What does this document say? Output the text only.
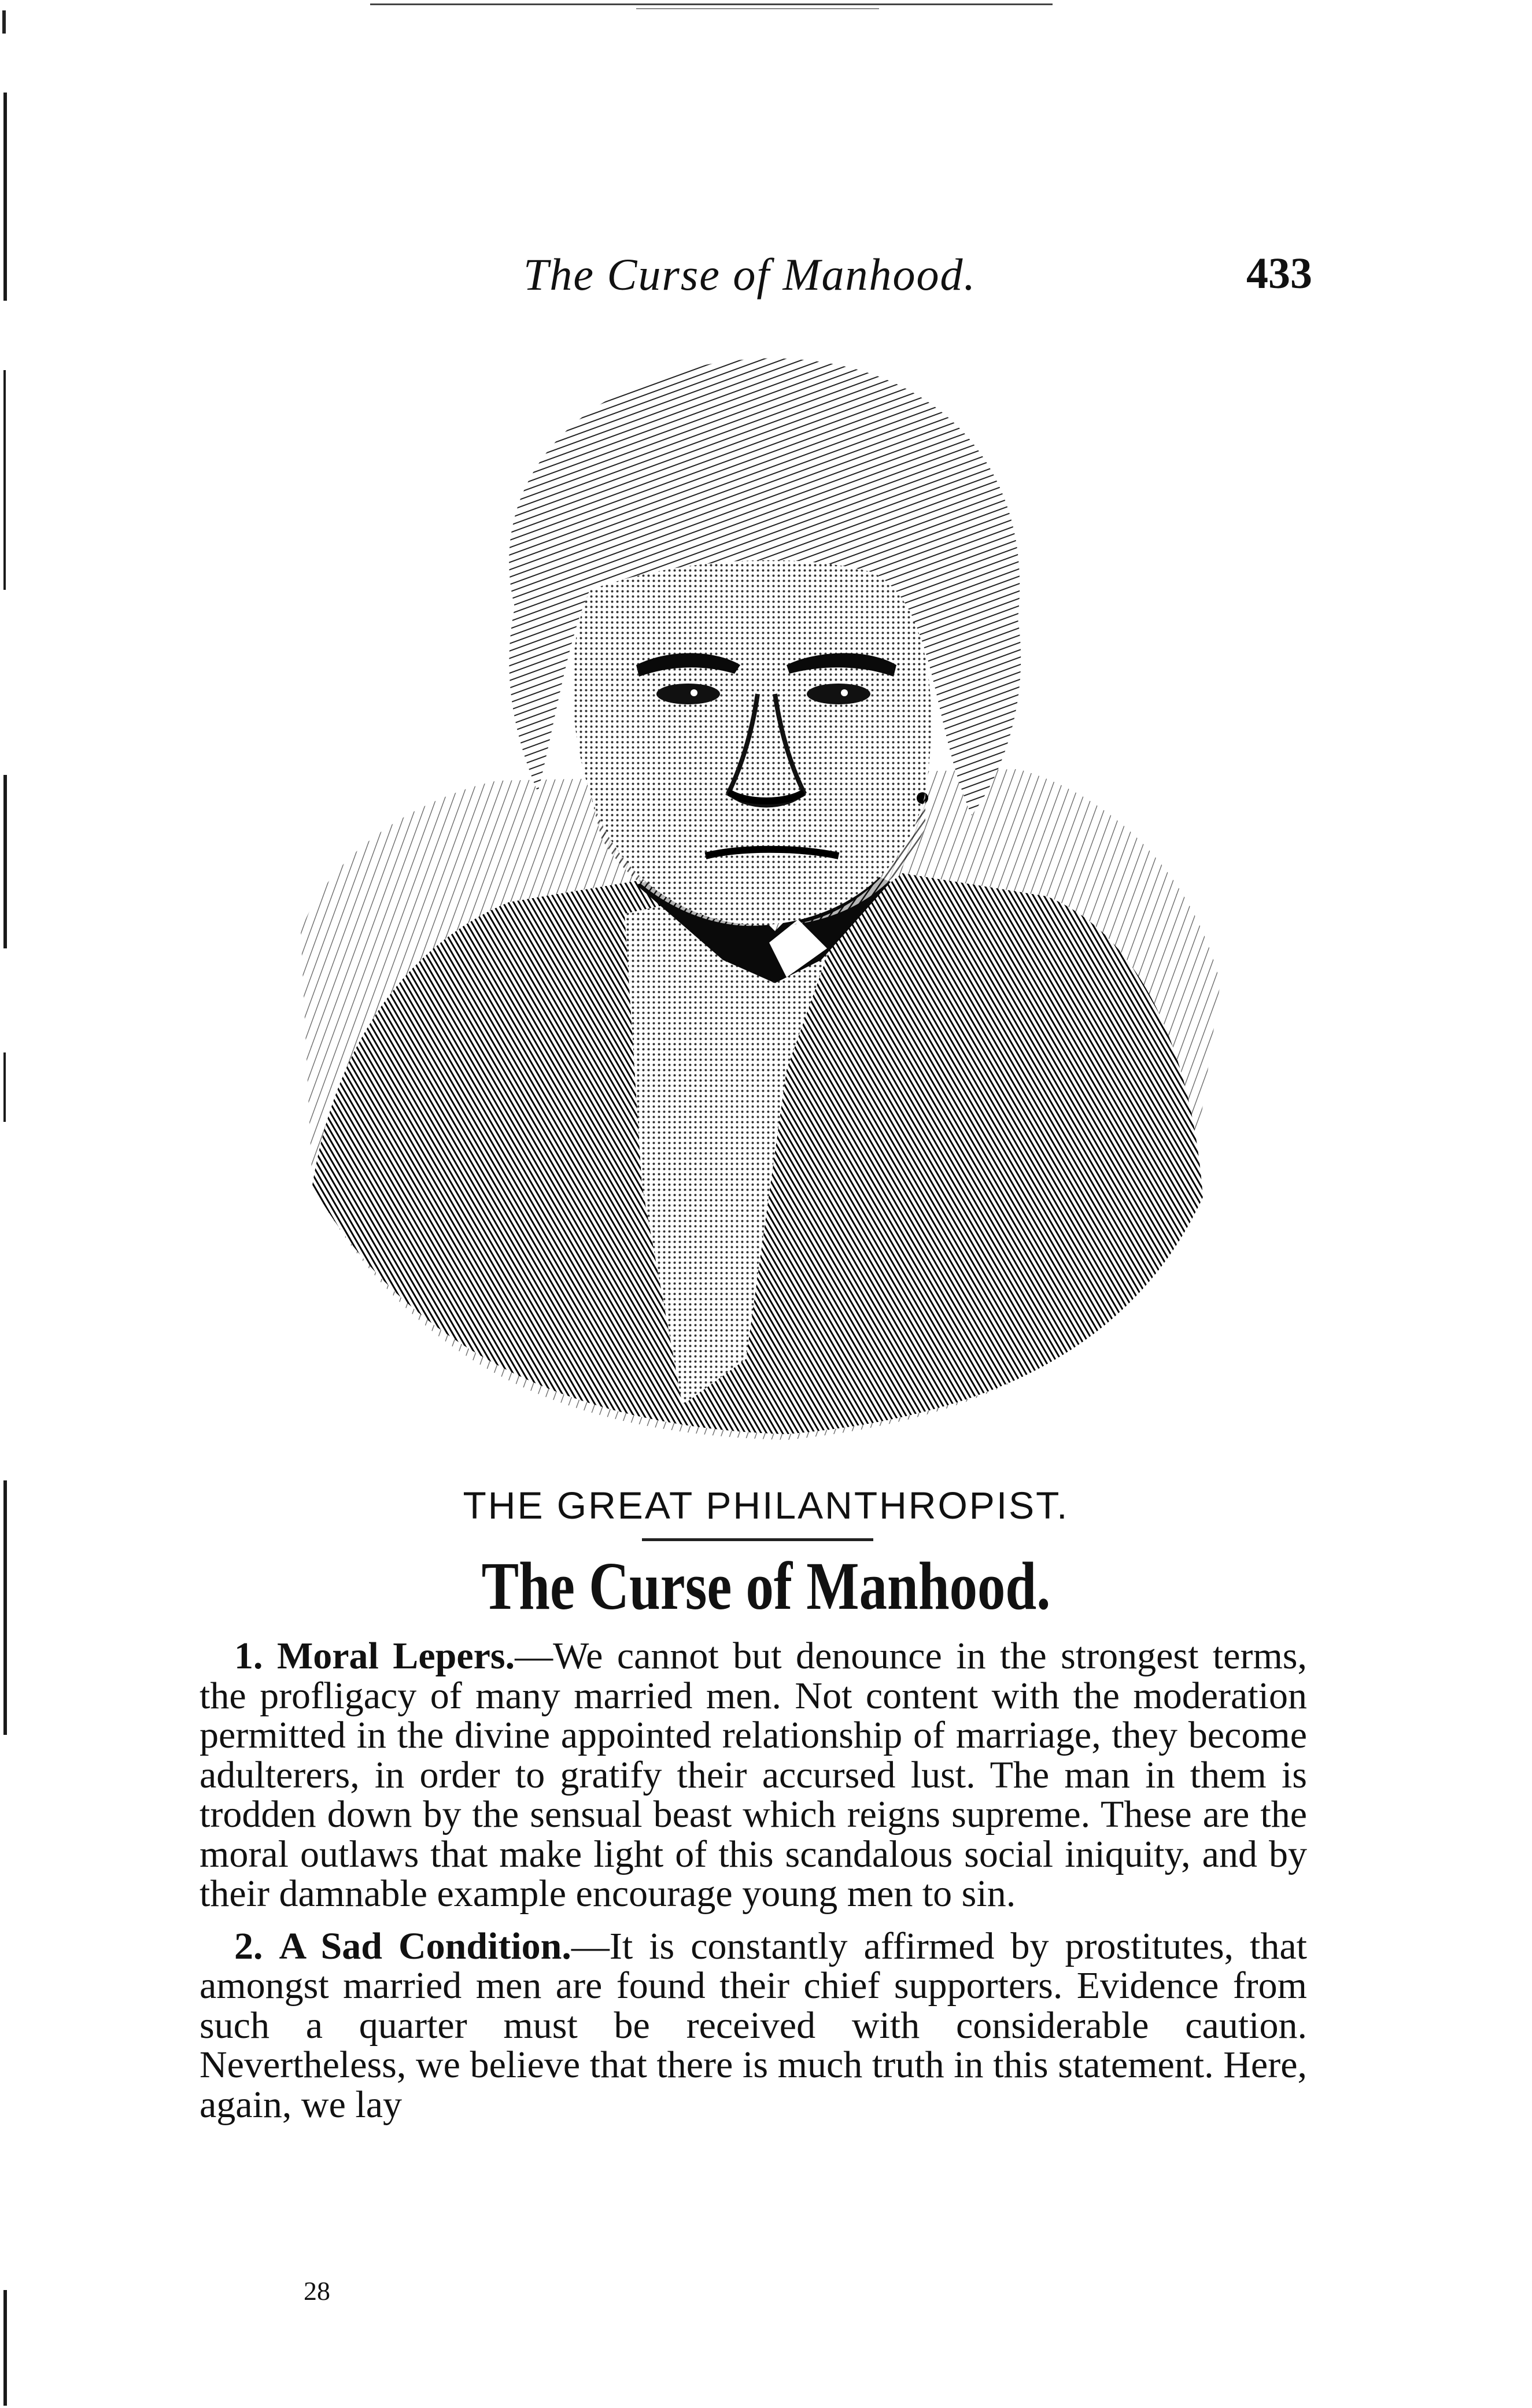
The Curse of Manhood.	433
THE GREAT PHILANTHROPIST.
The Curse of Manhood.

1. Moral Lepers.—We cannot but denounce in the strongest terms, the profligacy of many married men. Not content with the moderation permitted in the divine appointed relationship of marriage, they become adulterers, in order to gratify their accursed lust. The man in them is trodden down by the sensual beast which reigns supreme. These are the moral outlaws that make light of this scandalous social iniquity, and by their damnable example encourage young men to sin.

2. A Sad Condition.—It is constantly affirmed by prostitutes, that amongst married men are found their chief supporters. Evidence from such a quarter must be received with considerable caution. Nevertheless, we believe that there is much truth in this statement. Here, again, we lay

28
